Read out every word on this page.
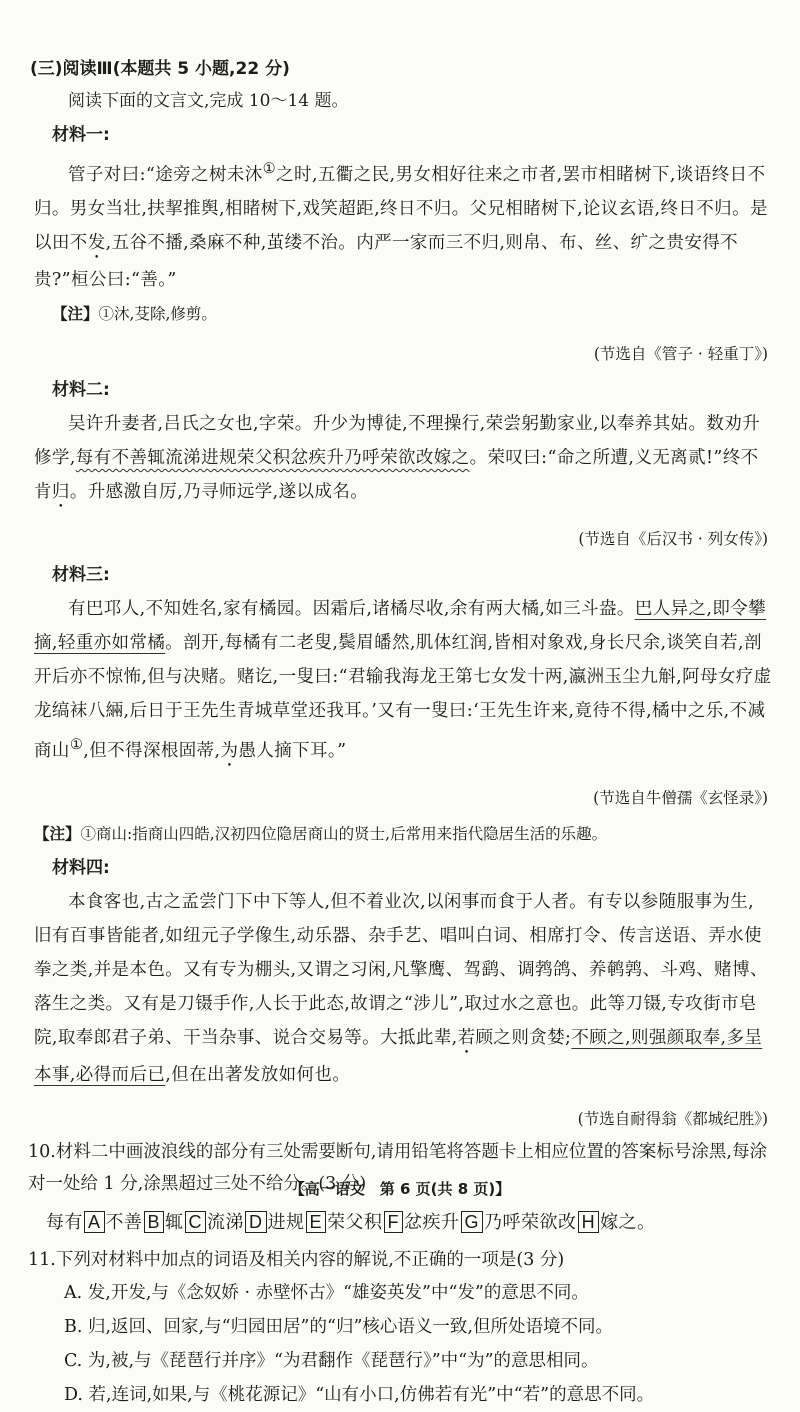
(三)阅读Ⅲ(本题共 5 小题,22 分)
阅读下面的文言文,完成 10～14 题。
材料一:

管子对曰:“途旁之树未沐①之时,五衢之民,男女相好往来之市者,罢市相睹树下,谈语终日不归。男女当壮,扶挈推舆,相睹树下,戏笑超距,终日不归。父兄相睹树下,论议玄语,终日不归。是以田不发,五谷不播,桑麻不种,茧缕不治。内严一家而三不归,则帛、布、丝、纩之贵安得不贵?”桓公曰:“善。”

【注】①沐,芟除,修剪。
(节选自《管子 · 轻重丁》)
材料二:

吴许升妻者,吕氏之女也,字荣。升少为博徒,不理操行,荣尝躬勤家业,以奉养其姑。数劝升修学,每有不善辄流涕进规荣父积忿疾升乃呼荣欲改嫁之。荣叹曰:“命之所遭,义无离贰!”终不肯归。升感激自厉,乃寻师远学,遂以成名。

(节选自《后汉书 · 列女传》)
材料三:

有巴邛人,不知姓名,家有橘园。因霜后,诸橘尽收,余有两大橘,如三斗盎。巴人异之,即令攀摘,轻重亦如常橘。剖开,每橘有二老叟,鬓眉皤然,肌体红润,皆相对象戏,身长尺余,谈笑自若,剖开后亦不惊怖,但与决赌。赌讫,一叟曰:“君输我海龙王第七女发十两,瀛洲玉尘九斛,阿母女疗虚龙缟袜八緉,后日于王先生青城草堂还我耳。’又有一叟曰:‘王先生许来,竟待不得,橘中之乐,不减商山①,但不得深根固蒂,为愚人摘下耳。”

(节选自牛僧孺《玄怪录》)
【注】①商山:指商山四皓,汉初四位隐居商山的贤士,后常用来指代隐居生活的乐趣。
材料四:

本食客也,古之孟尝门下中下等人,但不着业次,以闲事而食于人者。有专以参随服事为生,旧有百事皆能者,如纽元子学像生,动乐器、杂手艺、唱叫白词、相席打令、传言送语、弄水使拳之类,并是本色。又有专为棚头,又谓之习闲,凡擎鹰、驾鹞、调鹁鸽、养鹌鹑、斗鸡、赌博、落生之类。又有是刀镊手作,人长于此态,故谓之“涉儿”,取过水之意也。此等刀镊,专攻街市皂院,取奉郎君子弟、干当杂事、说合交易等。大抵此辈,若顾之则贪婪;不顾之,则强颜取奉,多呈本事,必得而后已,但在出著发放如何也。

(节选自耐得翁《都城纪胜》)
10.材料二中画波浪线的部分有三处需要断句,请用铅笔将答题卡上相应位置的答案标号涂黑,每涂对一处给 1 分,涂黑超过三处不给分。(3 分)
每有 A 不善 B 辄 C 流涕 D 进规 E 荣父积 F 忿疾升 G 乃呼荣欲改 H 嫁之。
11.下列对材料中加点的词语及相关内容的解说,不正确的一项是(3 分)
A. 发,开发,与《念奴娇 · 赤壁怀古》“雄姿英发”中“发”的意思不同。
B. 归,返回、回家,与“归园田居”的“归”核心语义一致,但所处语境不同。
C. 为,被,与《琵琶行并序》“为君翻作《琵琶行》”中“为”的意思相同。
D. 若,连词,如果,与《桃花源记》“山有小口,仿佛若有光”中“若”的意思不同。
【高一语文　第 6 页(共 8 页)】
